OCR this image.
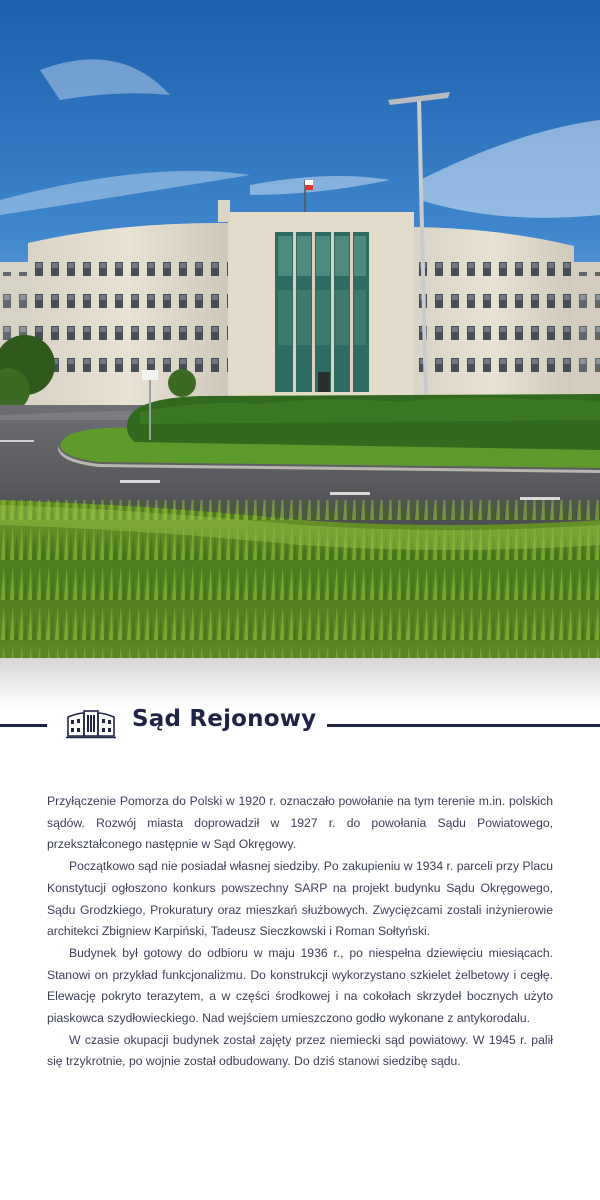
Sąd Rejonowy

Przyłączenie Pomorza do Polski w 1920 r. oznaczało powołanie na tym terenie m.in. polskich sądów. Rozwój miasta doprowadził w 1927 r. do powołania Sądu Powiatowego, przekształconego następnie w Sąd Okręgowy.

Początkowo sąd nie posiadał własnej siedziby. Po zakupieniu w 1934 r. parceli przy Placu Konstytucji ogłoszono konkurs powszechny SARP na projekt budynku Sądu Okręgowego, Sądu Grodzkiego, Prokuratury oraz mieszkań służbowych. Zwycięzcami zostali inżynierowie architekci Zbigniew Karpiński, Tadeusz Sieczkowski i Roman Sołtyński.

Budynek był gotowy do odbioru w maju 1936 r., po niespełna dziewięciu miesiącach. Stanowi on przykład funkcjonalizmu. Do konstrukcji wykorzystano szkielet żelbetowy i cegłę. Elewację pokryto terazytem, a w części środkowej i na cokołach skrzydeł bocznych użyto piaskowca szydłowieckiego. Nad wejściem umieszczono godło wykonane z antykorodalu.

W czasie okupacji budynek został zajęty przez niemiecki sąd powiatowy. W 1945 r. palił się trzykrotnie, po wojnie został odbudowany. Do dziś stanowi siedzibę sądu.
